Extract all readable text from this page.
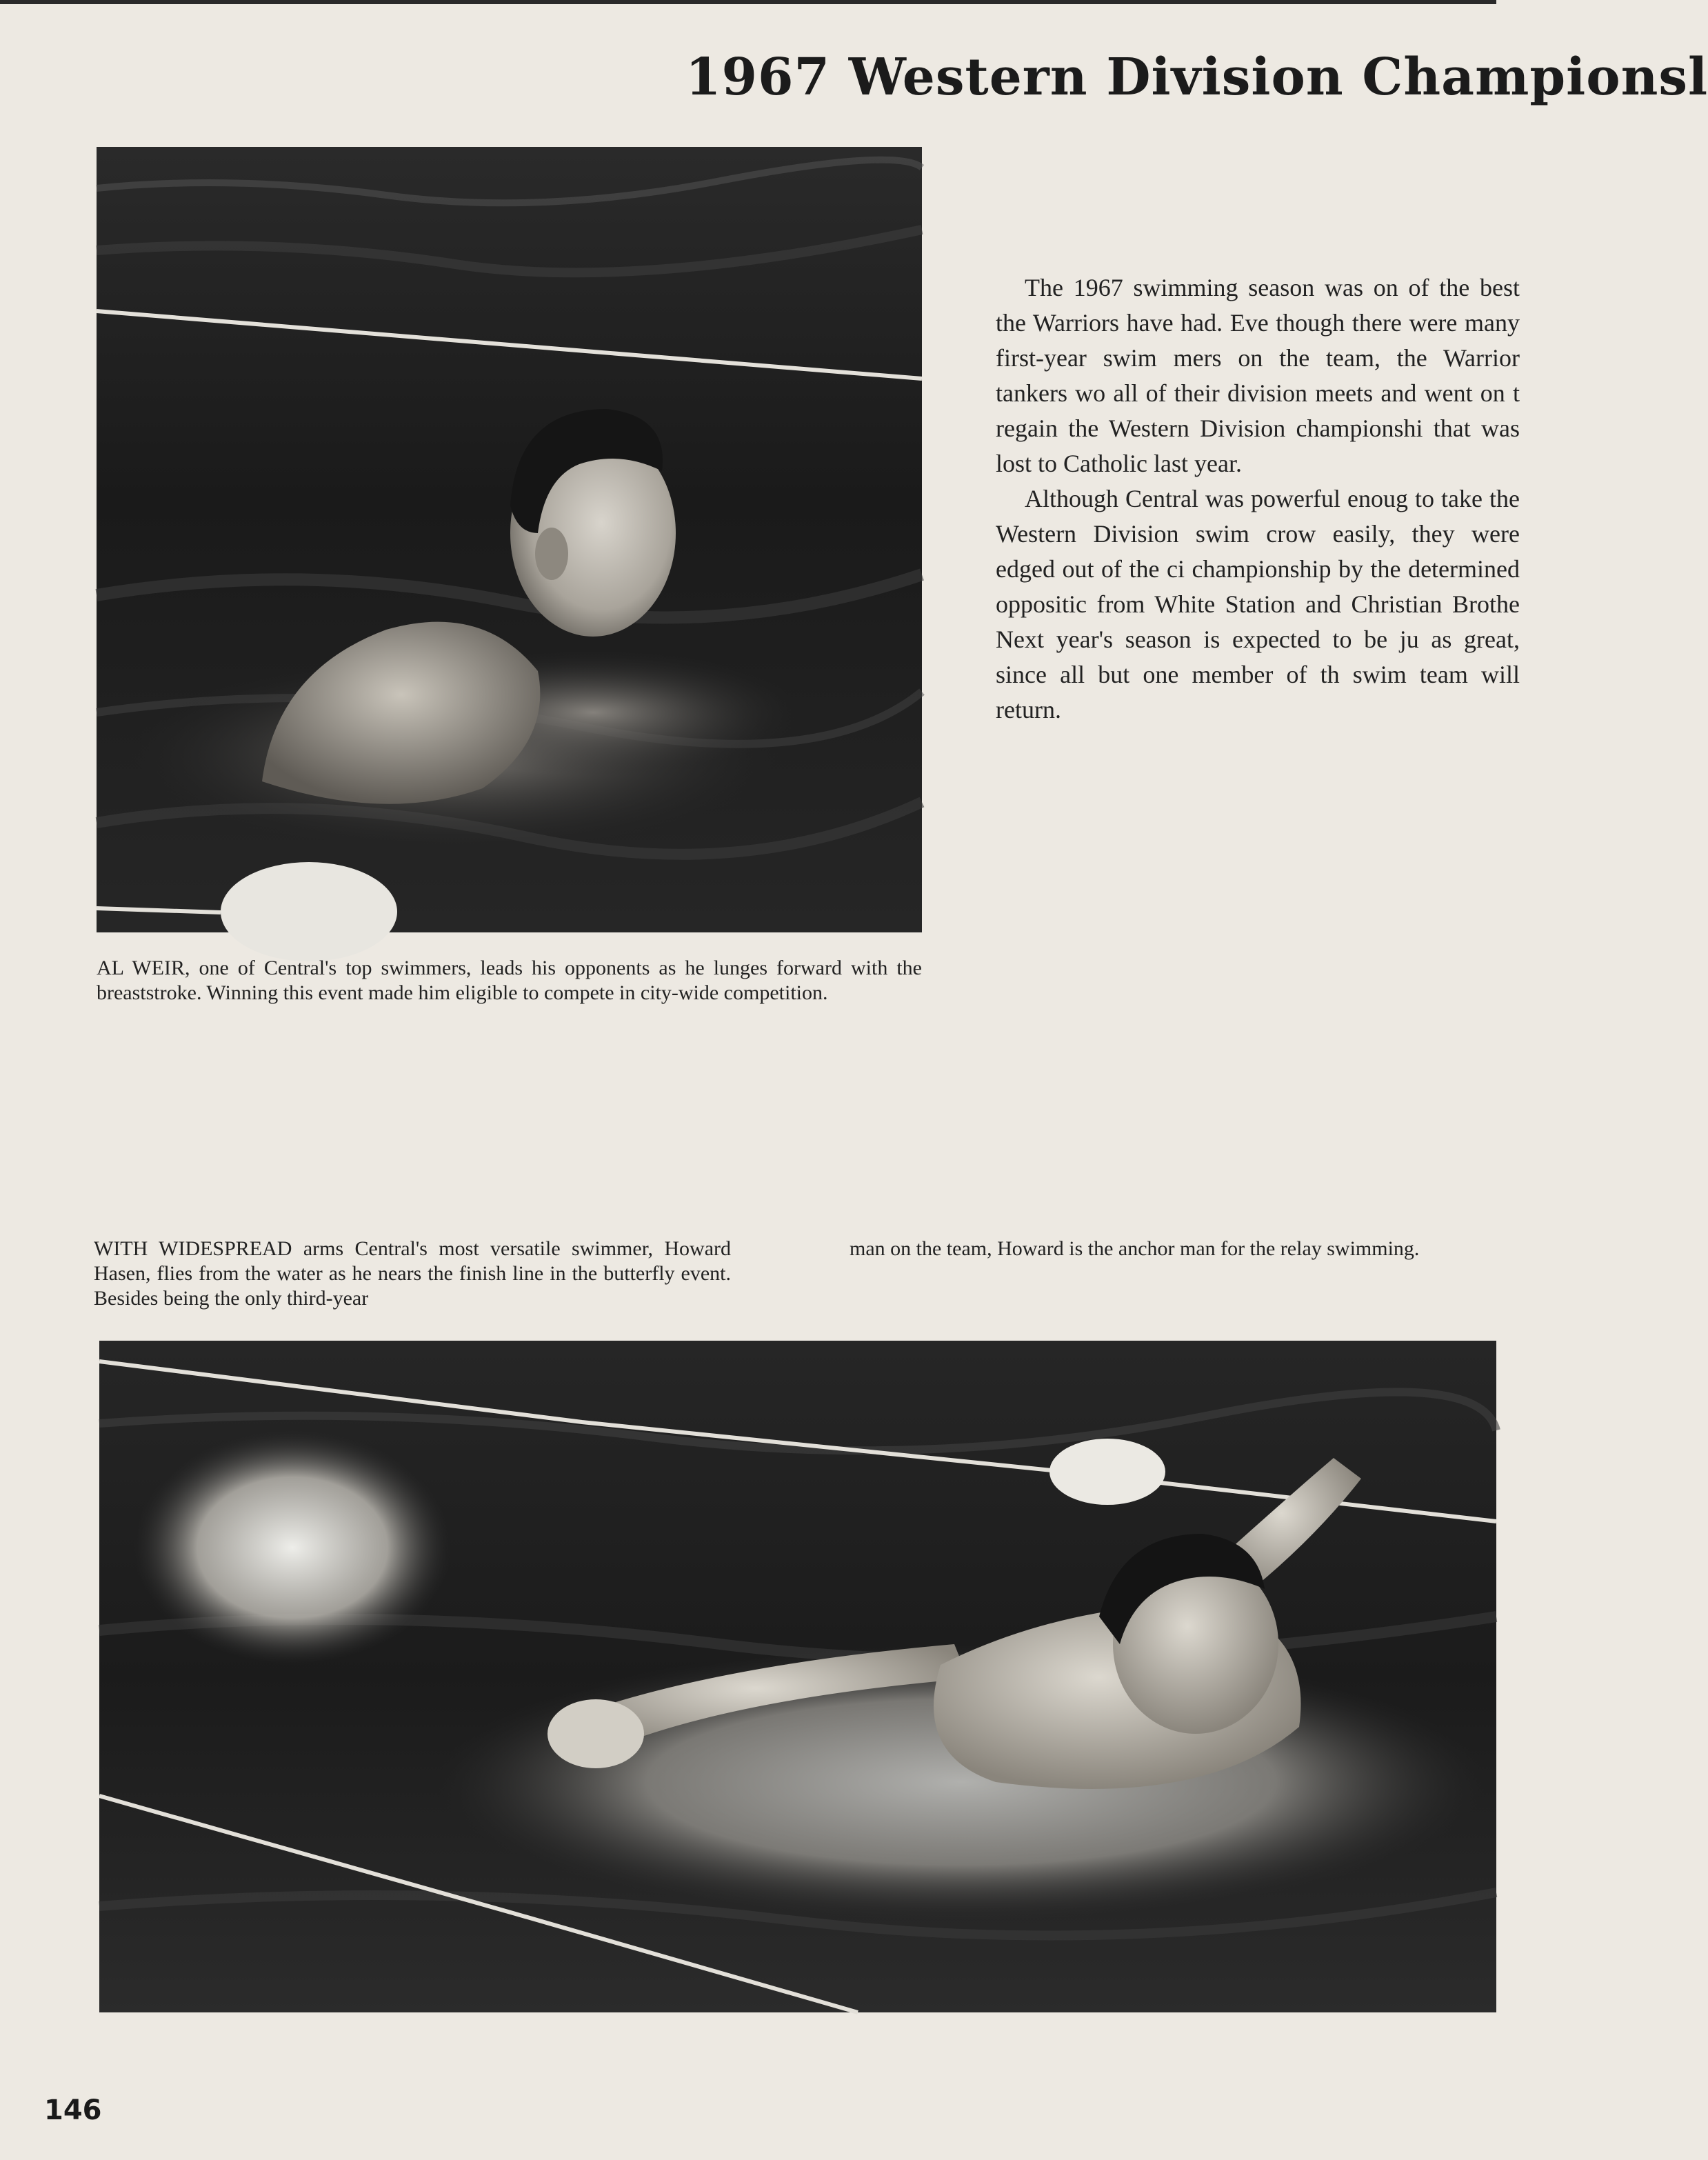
1967 Western Division Championsl

The 1967 swimming season was on of the best the Warriors have had. Eve though there were many first-year swim mers on the team, the Warrior tankers wo all of their division meets and went on t regain the Western Division championshi that was lost to Catholic last year.

Although Central was powerful enoug to take the Western Division swim crow easily, they were edged out of the ci championship by the determined oppositic from White Station and Christian Brothe Next year's season is expected to be ju as great, since all but one member of th swim team will return.

AL WEIR, one of Central's top swimmers, leads his opponents as he lunges forward with the breaststroke. Winning this event made him eligible to compete in city-wide competition.

WITH WIDESPREAD arms Central's most versatile swimmer, Howard Hasen, flies from the water as he nears the finish line in the butterfly event. Besides being the only third-year

man on the team, Howard is the anchor man for the relay swimming.

146
